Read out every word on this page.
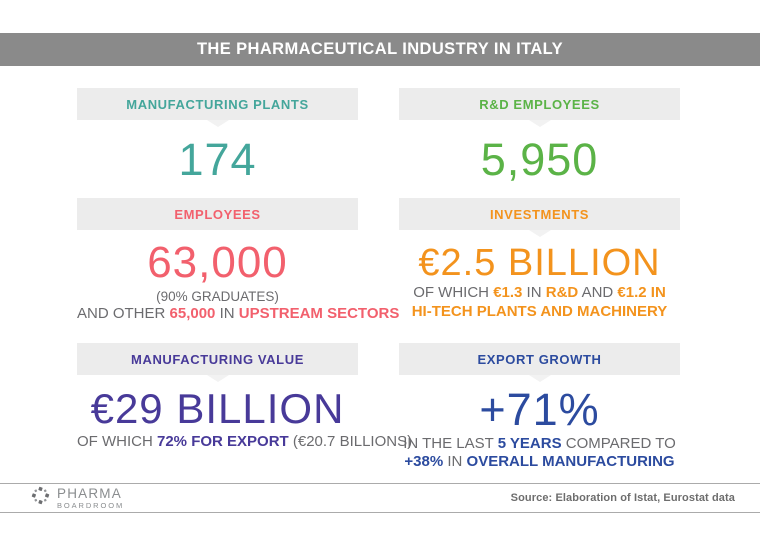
THE PHARMACEUTICAL INDUSTRY IN ITALY
MANUFACTURING PLANTS
174
R&D EMPLOYEES
5,950
EMPLOYEES
63,000

(90% GRADUATES)

AND OTHER 65,000 IN UPSTREAM SECTORS

INVESTMENTS
€2.5 BILLION

OF WHICH €1.3 IN R&D AND €1.2 IN

HI-TECH PLANTS AND MACHINERY

MANUFACTURING VALUE
€29 BILLION

OF WHICH 72% FOR EXPORT (€20.7 BILLIONS)

EXPORT GROWTH
+71%

IN THE LAST 5 YEARS COMPARED TO

+38% IN OVERALL MANUFACTURING

PHARMA
BOARDROOM
Source: Elaboration of Istat, Eurostat data
